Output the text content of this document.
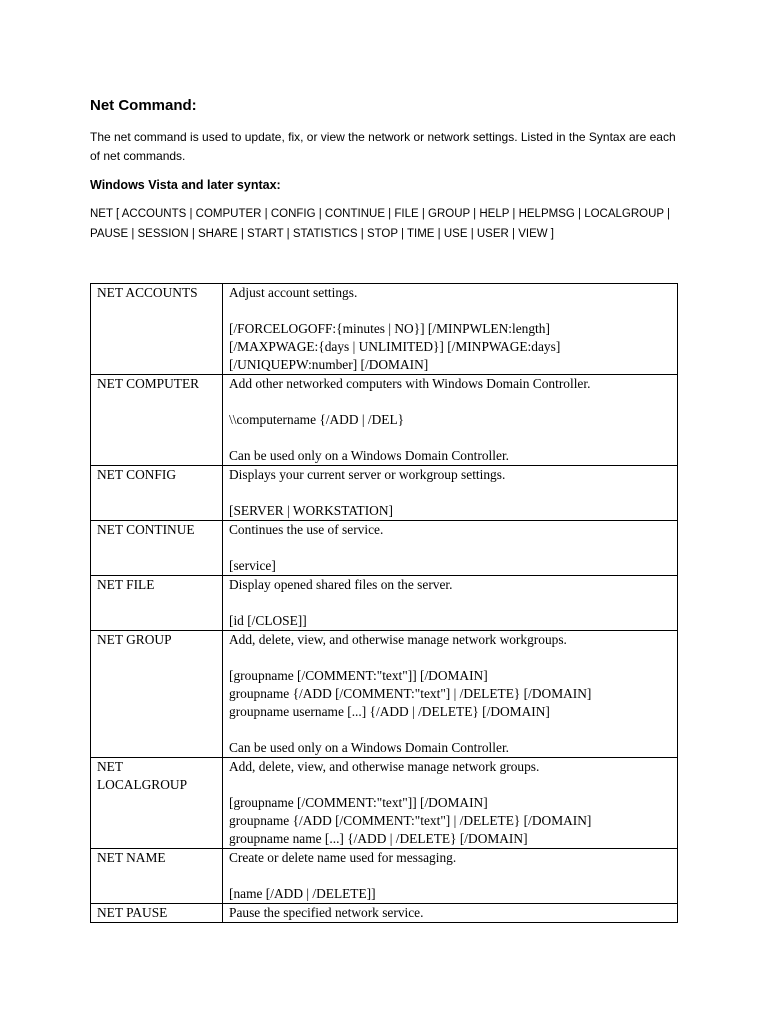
Net Command:

The net command is used to update, fix, or view the network or network settings. Listed in the Syntax are each of net commands.

Windows Vista and later syntax:

NET [ ACCOUNTS | COMPUTER | CONFIG | CONTINUE | FILE | GROUP | HELP | HELPMSG | LOCALGROUP | PAUSE | SESSION | SHARE | START | STATISTICS | STOP | TIME | USE | USER | VIEW ]

NET ACCOUNTS	Adjust account settings.
[/FORCELOGOFF:{minutes | NO}] [/MINPWLEN:length]
[/MAXPWAGE:{days | UNLIMITED}] [/MINPWAGE:days]
[/UNIQUEPW:number] [/DOMAIN]

NET COMPUTER	Add other networked computers with Windows Domain Controller.
\\computername {/ADD | /DEL}
Can be used only on a Windows Domain Controller.

NET CONFIG	Displays your current server or workgroup settings.
[SERVER | WORKSTATION]

NET CONTINUE	Continues the use of service.
[service]

NET FILE	Display opened shared files on the server.
[id [/CLOSE]]

NET GROUP	Add, delete, view, and otherwise manage network workgroups.
[groupname [/COMMENT:"text"]] [/DOMAIN]
groupname {/ADD [/COMMENT:"text"] | /DELETE} [/DOMAIN]
groupname username [...] {/ADD | /DELETE} [/DOMAIN]
Can be used only on a Windows Domain Controller.

NET LOCALGROUP	Add, delete, view, and otherwise manage network groups.
[groupname [/COMMENT:"text"]] [/DOMAIN]
groupname {/ADD [/COMMENT:"text"] | /DELETE} [/DOMAIN]
groupname name [...] {/ADD | /DELETE} [/DOMAIN]

NET NAME	Create or delete name used for messaging.
[name [/ADD | /DELETE]]

NET PAUSE	Pause the specified network service.
